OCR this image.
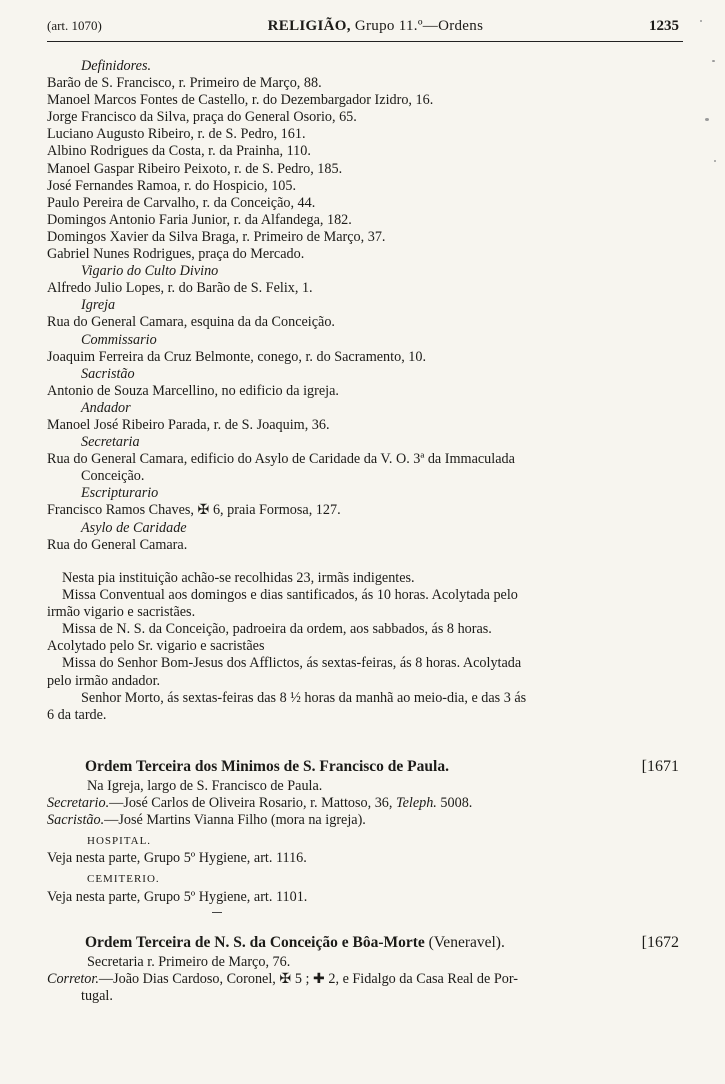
(art. 1070)	RELIGIÃO, Grupo 11.º—Ordens	1235
Definidores.
Barão de S. Francisco, r. Primeiro de Março, 88.
Manoel Marcos Fontes de Castello, r. do Dezembargador Izidro, 16.
Jorge Francisco da Silva, praça do General Osorio, 65.
Luciano Augusto Ribeiro, r. de S. Pedro, 161.
Albino Rodrigues da Costa, r. da Prainha, 110.
Manoel Gaspar Ribeiro Peixoto, r. de S. Pedro, 185.
José Fernandes Ramoa, r. do Hospicio, 105.
Paulo Pereira de Carvalho, r. da Conceição, 44.
Domingos Antonio Faria Junior, r. da Alfandega, 182.
Domingos Xavier da Silva Braga, r. Primeiro de Março, 37.
Gabriel Nunes Rodrigues, praça do Mercado.
Vigario do Culto Divino
Alfredo Julio Lopes, r. do Barão de S. Felix, 1.
Igreja
Rua do General Camara, esquina da da Conceição.
Commissario
Joaquim Ferreira da Cruz Belmonte, conego, r. do Sacramento, 10.
Sacristão
Antonio de Souza Marcellino, no edificio da igreja.
Andador
Manoel José Ribeiro Parada, r. de S. Joaquim, 36.
Secretaria
Rua do General Camara, edificio do Asylo de Caridade da V. O. 3ª da Immaculada
Conceição.
Escripturario
Francisco Ramos Chaves, ✠ 6, praia Formosa, 127.
Asylo de Caridade
Rua do General Camara.
Nesta pia instituição achão-se recolhidas 23, irmãs indigentes.
Missa Conventual aos domingos e dias santificados, ás 10 horas. Acolytada pelo
irmão vigario e sacristães.
Missa de N. S. da Conceição, padroeira da ordem, aos sabbados, ás 8 horas.
Acolytado pelo Sr. vigario e sacristães
Missa do Senhor Bom-Jesus dos Afflictos, ás sextas-feiras, ás 8 horas. Acolytada
pelo irmão andador.
Senhor Morto, ás sextas-feiras das 8 ½ horas da manhã ao meio-dia, e das 3 ás
6 da tarde.
Ordem Terceira dos Minimos de S. Francisco de Paula.	[1671
Na Igreja, largo de S. Francisco de Paula.
Secretario.—José Carlos de Oliveira Rosario, r. Mattoso, 36, Teleph. 5008.
Sacristão.—José Martins Vianna Filho (mora na igreja).
HOSPITAL.
Veja nesta parte, Grupo 5º Hygiene, art. 1116.
CEMITERIO.
Veja nesta parte, Grupo 5º Hygiene, art. 1101.
Ordem Terceira de N. S. da Conceição e Bôa-Morte (Veneravel).	[1672
Secretaria r. Primeiro de Março, 76.
Corretor.—João Dias Cardoso, Coronel, ✠ 5 ; ✚ 2, e Fidalgo da Casa Real de Por-
tugal.
